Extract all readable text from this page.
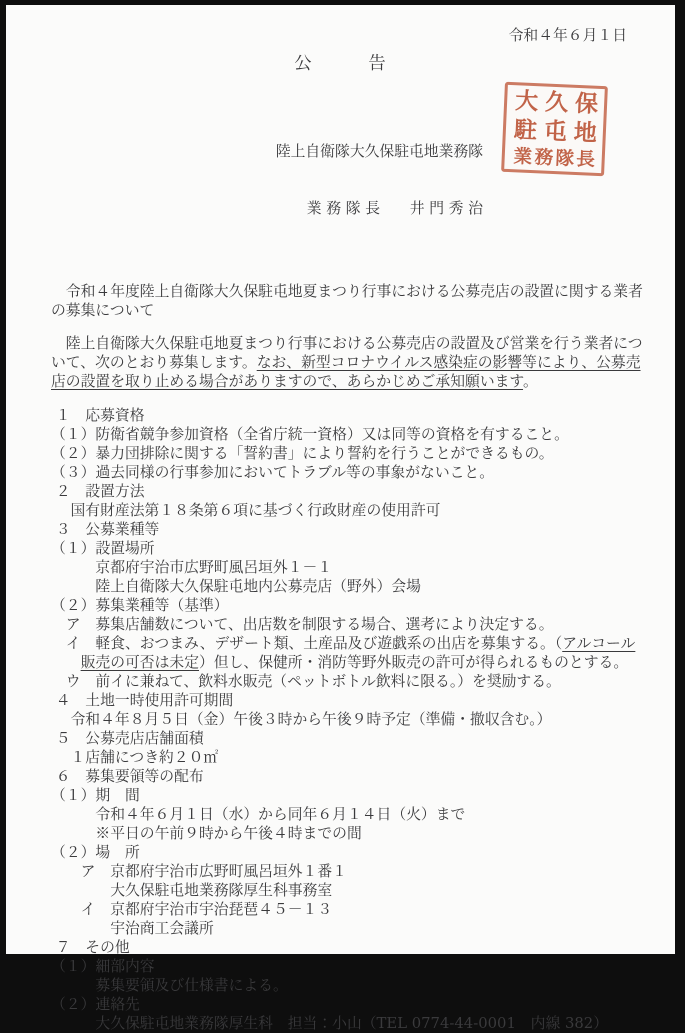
令和４年６月１日
公　　　告

陸上自衛隊大久保駐屯地業務隊

業 務 隊 長　　井 門 秀 治

　令和４年度陸上自衛隊大久保駐屯地夏まつり行事における公募売店の設置に関する業者
の募集について
　陸上自衛隊大久保駐屯地夏まつり行事における公募売店の設置及び営業を行う業者につ
いて、次のとおり募集します。なお、新型コロナウイルス感染症の影響等により、公募売
店の設置を取り止める場合がありますので、あらかじめご承知願います。
１　応募資格
（１）防衛省競争参加資格（全省庁統一資格）又は同等の資格を有すること。
（２）暴力団排除に関する「誓約書」により誓約を行うことができるもの。
（３）過去同様の行事参加においてトラブル等の事象がないこと。
２　設置方法
　 国有財産法第１８条第６項に基づく行政財産の使用許可
３　公募業種等
（１）設置場所
　　　京都府宇治市広野町風呂垣外１－１
　　　陸上自衛隊大久保駐屯地内公募売店（野外）会場
（２）募集業種等（基準）
　ア　募集店舗数について、出店数を制限する場合、選考により決定する。
　イ　軽食、おつまみ、デザート類、土産品及び遊戯系の出店を募集する。（アルコール
　　販売の可否は未定）但し、保健所・消防等野外販売の許可が得られるものとする。
　ウ　前イに兼ねて、飲料水販売（ペットボトル飲料に限る。）を奨励する。
４　土地一時使用許可期間
　 令和４年８月５日（金）午後３時から午後９時予定（準備・撤収含む。）
５　公募売店店舗面積
　 １店舗につき約２０㎡
６　募集要領等の配布
（１）期　間
　　　令和４年６月１日（水）から同年６月１４日（火）まで
　　　※平日の午前９時から午後４時までの間
（２）場　所
　　ア　京都府宇治市広野町風呂垣外１番１
　　　　大久保駐屯地業務隊厚生科事務室
　　イ　京都府宇治市宇治琵琶４５－１３
　　　　宇治商工会議所
７　その他
（１）細部内容
　　　募集要領及び仕様書による。
（２）連絡先
　　　大久保駐屯地業務隊厚生科　担当：小山（TEL 0774-44-0001　内線 382）
大久保
駐屯地
業務隊長
